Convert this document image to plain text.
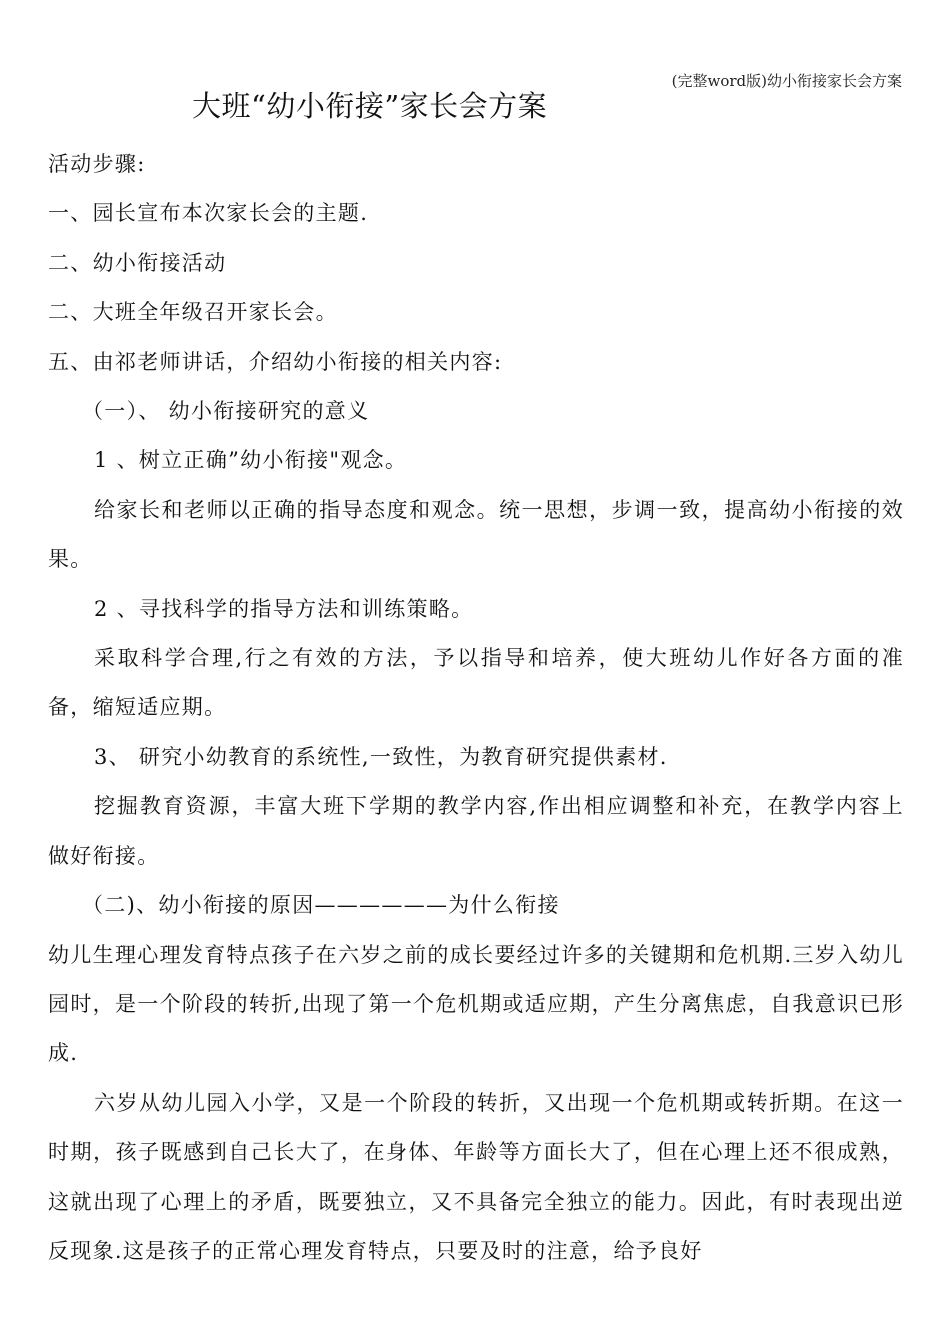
(完整word版)幼小衔接家长会方案
大班“幼小衔接”家长会方案

活动步骤:

一、园长宣布本次家长会的主题.

二、幼小衔接活动

二、大班全年级召开家长会。

五、由祁老师讲话，介绍幼小衔接的相关内容:

（一）、 幼小衔接研究的意义

1 、树立正确”幼小衔接"观念。

给家长和老师以正确的指导态度和观念。统一思想，步调一致，提高幼小衔接的效果。

2 、寻找科学的指导方法和训练策略。

采取科学合理,行之有效的方法，予以指导和培养，使大班幼儿作好各方面的准备，缩短适应期。

3、 研究小幼教育的系统性,一致性，为教育研究提供素材.

挖掘教育资源，丰富大班下学期的教学内容,作出相应调整和补充，在教学内容上做好衔接。

（二)、幼小衔接的原因——————为什么衔接

幼儿生理心理发育特点孩子在六岁之前的成长要经过许多的关键期和危机期.三岁入幼儿园时，是一个阶段的转折,出现了第一个危机期或适应期，产生分离焦虑，自我意识已形成.

六岁从幼儿园入小学，又是一个阶段的转折，又出现一个危机期或转折期。在这一时期，孩子既感到自己长大了，在身体、年龄等方面长大了，但在心理上还不很成熟，这就出现了心理上的矛盾，既要独立，又不具备完全独立的能力。因此，有时表现出逆反现象.这是孩子的正常心理发育特点，只要及时的注意，给予良好
